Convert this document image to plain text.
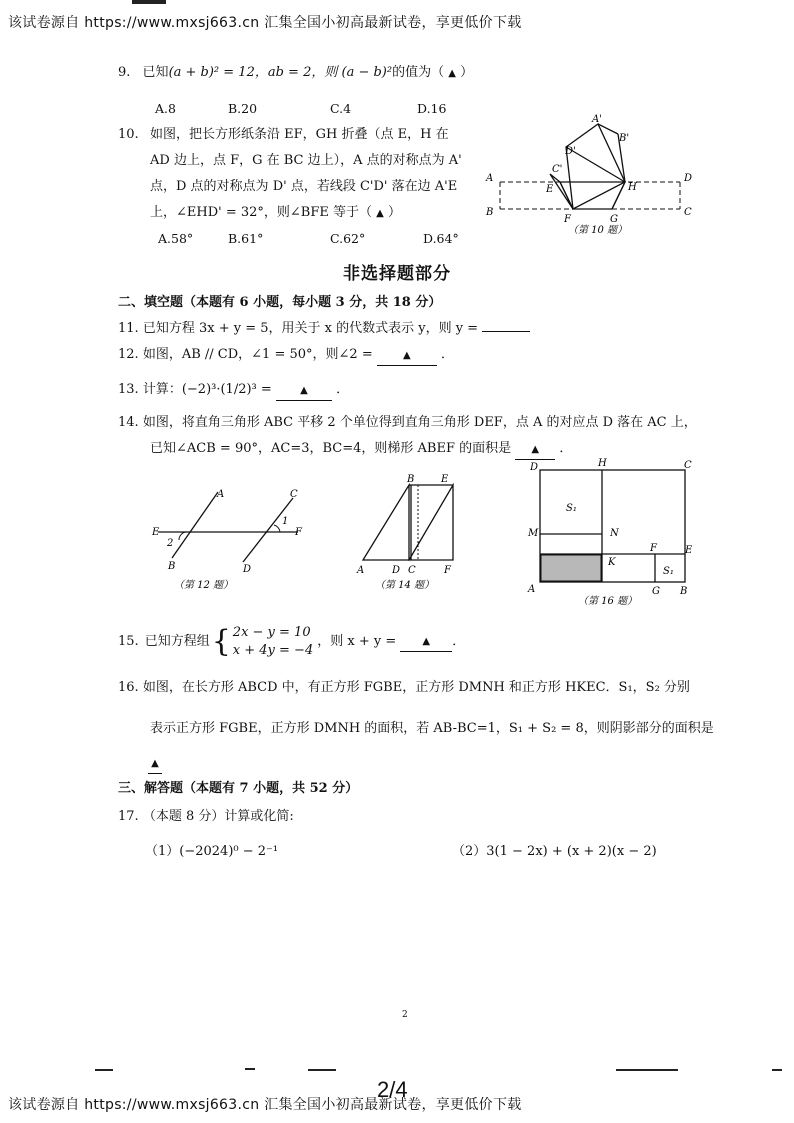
该试卷源自 https://www.mxsj663.cn 汇集全国小初高最新试卷，享更低价下载
9. 已知(a + b)² = 12，ab = 2，则 (a − b)²的值为（ ▲ ）
A.8	B.20	C.4	D.16
10. 如图，把长方形纸条沿 EF，GH 折叠（点 E，H 在
AD 边上，点 F，G 在 BC 边上），A 点的对称点为 A'
点，D 点的对称点为 D' 点，若线段 C'D' 落在边 A'E
上，∠EHD' = 32°，则∠BFE 等于（ ▲ ）
A.58°	B.61°	C.62°	D.64°
A'
B'
D'
C'
A	D
E	H
B	C
F	G
（第 10 题）
非选择题部分
二、填空题（本题有 6 小题，每小题 3 分，共 18 分）
11. 已知方程 3x + y = 5，用关于 x 的代数式表示 y，则 y =
12. 如图，AB // CD，∠1 = 50°，则∠2 =	▲ ．
13. 计算：(−2)³·(1/2)³ =	▲ ．
14. 如图，将直角三角形 ABC 平移 2 个单位得到直角三角形 DEF，点 A 的对应点 D 落在 AC 上，
已知∠ACB = 90°，AC=3，BC=4，则梯形 ABEF 的面积是 ▲ ．
A	C
E	F
1
2
B	D
（第 12 题）
B	E
A	D C	F
（第 14 题）
D	H	C
S₁
M	N
F	E
K
S₁
A	G B
（第 16 题）
15. 已知方程组 { 2x − y = 10
x + 4y = −4
，则 x + y =	▲	．
16. 如图，在长方形 ABCD 中，有正方形 FGBE，正方形 DMNH 和正方形 HKEC．S₁，S₂ 分别
表示正方形 FGBE，正方形 DMNH 的面积，若 AB-BC=1，S₁ + S₂ = 8，则阴影部分的面积是
▲
三、解答题（本题有 7 小题，共 52 分）
17. （本题 8 分）计算或化简:
（1）(−2024)⁰ − 2⁻¹	（2）3(1 − 2x) + (x + 2)(x − 2)
2
2/4
该试卷源自 https://www.mxsj663.cn 汇集全国小初高最新试卷，享更低价下载
